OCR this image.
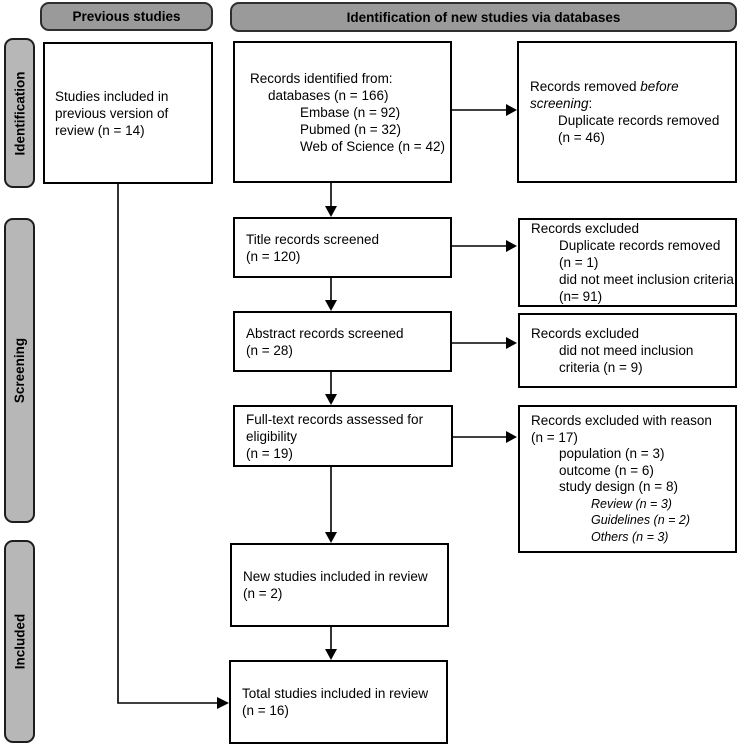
Previous studies	Identification of new studies via databases
Identification
Screening
Included
Studies included in
previous version of
review (n = 14)
Records identified from:
databases (n = 166)
Embase (n = 92)
Pubmed (n = 32)
Web of Science (n = 42)
Records removed before
screening:
Duplicate records removed
(n = 46)
Title records screened
(n = 120)
Records excluded
Duplicate records removed
(n = 1)
did not meet inclusion criteria
(n= 91)
Abstract records screened
(n = 28)
Records excluded
did not meed inclusion
criteria (n = 9)
Full-text records assessed for
eligibility
(n = 19)
Records excluded with reason
(n = 17)
population (n = 3)
outcome (n = 6)
study design (n = 8)
Review (n = 3)
Guidelines (n = 2)
Others (n = 3)
New studies included in review
(n = 2)
Total studies included in review
(n = 16)
